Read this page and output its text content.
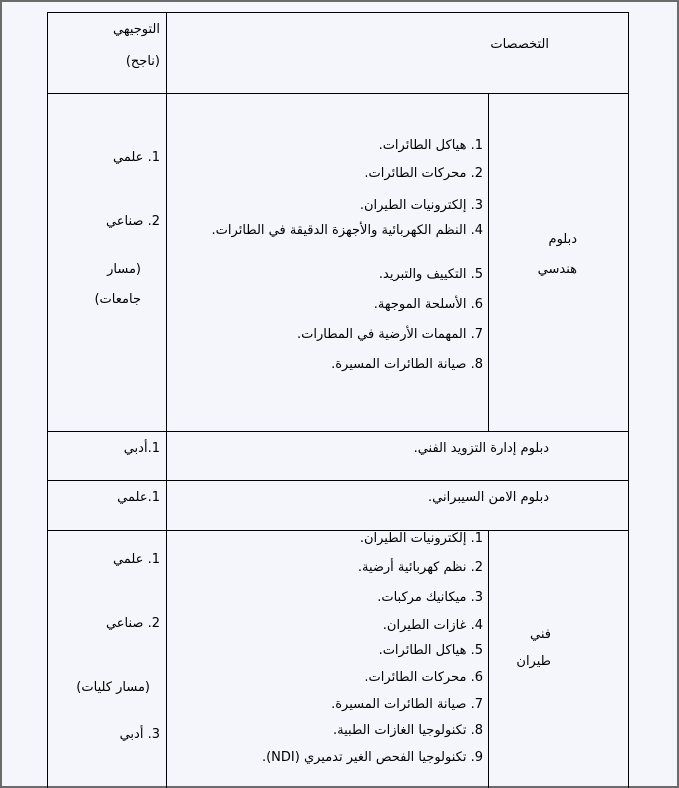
التخصصات
التوجيهي
(ناجح)
دبلوم
هندسي
1. هياكل الطائرات.
2. محركات الطائرات.
3. إلكترونيات الطيران.
4. النظم الكهربائية والأجهزة الدقيقة في الطائرات.
5. التكييف والتبريد.
6. الأسلحة الموجهة.
7. المهمات الأرضية في المطارات.
8. صيانة الطائرات المسيرة.
1. علمي
2. صناعي
(مسار
جامعات)
دبلوم إدارة التزويد الفني.
1.أدبي
دبلوم الامن السيبراني.
1.علمي
فني
طيران
1. إلكترونيات الطيران.
2. نظم كهربائية أرضية.
3. ميكانيك مركبات.
4. غازات الطيران.
5. هياكل الطائرات.
6. محركات الطائرات.
7. صيانة الطائرات المسيرة.
8. تكنولوجيا الغازات الطبية.
9. تكنولوجيا الفحص الغير تدميري (NDI).
1. علمي
2. صناعي
(مسار كليات)
3. أدبي
